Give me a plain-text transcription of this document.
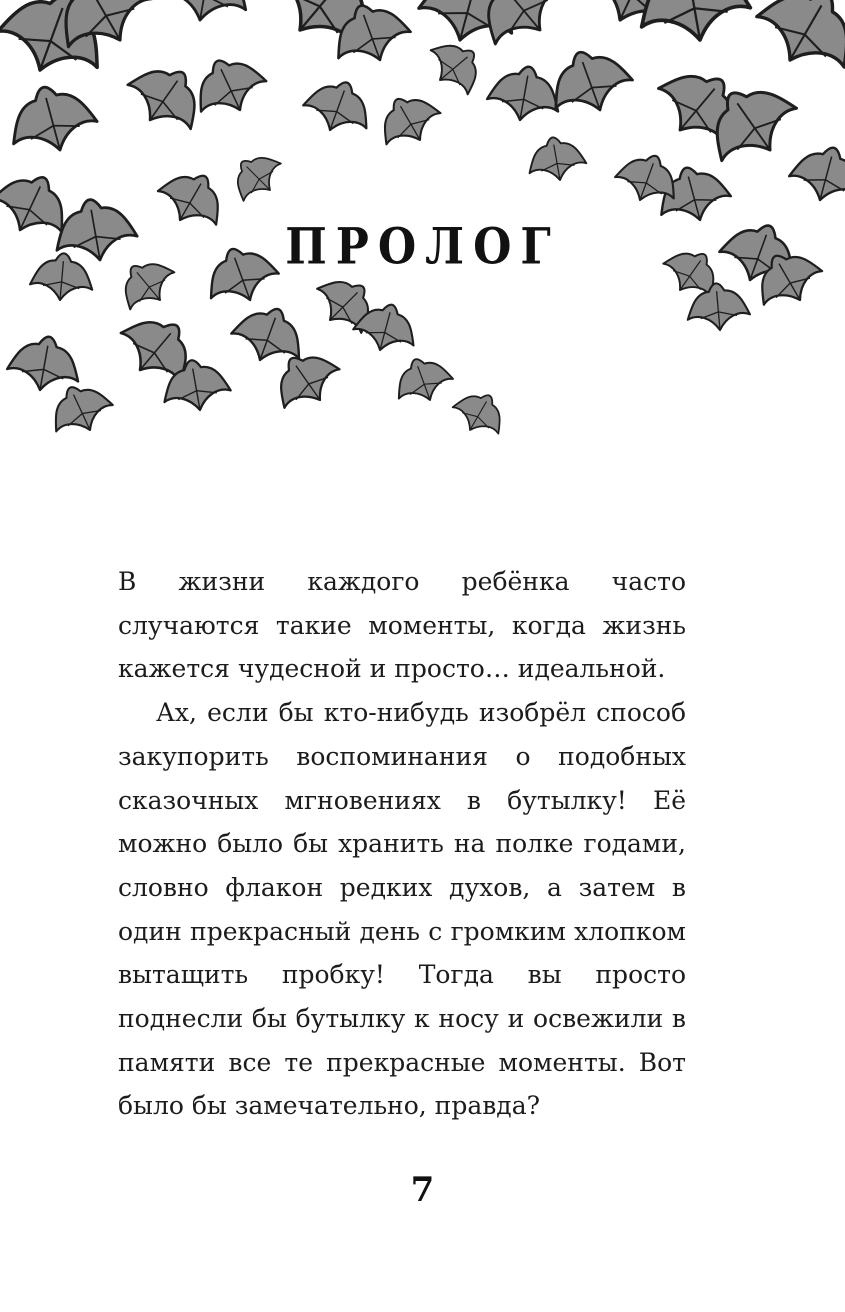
ПРОЛОГ

В жизни каждого ребёнка часто случаются такие моменты, когда жизнь кажется чудесной и просто… идеальной.

Ах, если бы кто-нибудь изобрёл способ закупорить воспоминания о подобных сказочных мгновениях в бутылку! Её можно было бы хранить на полке годами, словно флакон редких духов, а затем в один прекрасный день с громким хлопком вытащить пробку! Тогда вы просто поднесли бы бутылку к носу и освежили в памяти все те прекрасные моменты. Вот было бы замечательно, правда?

7
